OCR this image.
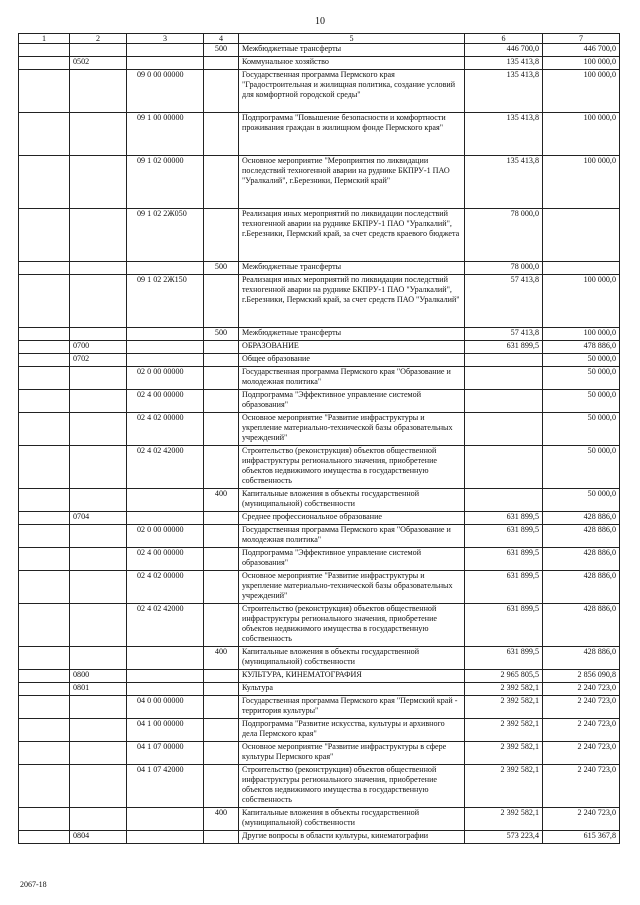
10
1	2	3	4	5	6	7
			500	Межбюджетные трансферты	446 700,0	446 700,0
	0502			Коммунальное хозяйство	135 413,8	100 000,0
		09 0 00 00000		Государственная программа Пермского края "Градостроительная и жилищная политика, создание условий для комфортной городской среды"	135 413,8	100 000,0
		09 1 00 00000		Подпрограмма "Повышение безопасности и комфортности проживания граждан в жилищном фонде Пермского края"	135 413,8	100 000,0
		09 1 02 00000		Основное мероприятие "Мероприятия по ликвидации последствий техногенной аварии на руднике БКПРУ-1 ПАО "Уралкалий", г.Березники, Пермский край"	135 413,8	100 000,0
		09 1 02 2Ж050		Реализация иных мероприятий по ликвидации последствий техногенной аварии на руднике БКПРУ-1 ПАО "Уралкалий", г.Березники, Пермский край, за счет средств краевого бюджета	78 000,0	
			500	Межбюджетные трансферты	78 000,0	
		09 1 02 2Ж150		Реализация иных мероприятий по ликвидации последствий техногенной аварии на руднике БКПРУ-1 ПАО "Уралкалий", г.Березники, Пермский край, за счет средств ПАО "Уралкалий"	57 413,8	100 000,0
			500	Межбюджетные трансферты	57 413,8	100 000,0
	0700			ОБРАЗОВАНИЕ	631 899,5	478 886,0
	0702			Общее образование		50 000,0
		02 0 00 00000		Государственная программа Пермского края "Образование и молодежная политика"		50 000,0
		02 4 00 00000		Подпрограмма "Эффективное управление системой образования"		50 000,0
		02 4 02 00000		Основное мероприятие "Развитие инфраструктуры и укрепление материально-технической базы образовательных учреждений"		50 000,0
		02 4 02 42000		Строительство (реконструкция) объектов общественной инфраструктуры регионального значения, приобретение объектов недвижимого имущества в государственную собственность		50 000,0
			400	Капитальные вложения в объекты государственной (муниципальной) собственности		50 000,0
	0704			Среднее профессиональное образование	631 899,5	428 886,0
		02 0 00 00000		Государственная программа Пермского края "Образование и молодежная политика"	631 899,5	428 886,0
		02 4 00 00000		Подпрограмма "Эффективное управление системой образования"	631 899,5	428 886,0
		02 4 02 00000		Основное мероприятие "Развитие инфраструктуры и укрепление материально-технической базы образовательных учреждений"	631 899,5	428 886,0
		02 4 02 42000		Строительство (реконструкция) объектов общественной инфраструктуры регионального значения, приобретение объектов недвижимого имущества в государственную собственность	631 899,5	428 886,0
			400	Капитальные вложения в объекты государственной (муниципальной) собственности	631 899,5	428 886,0
	0800			КУЛЬТУРА, КИНЕМАТОГРАФИЯ	2 965 805,5	2 856 090,8
	0801			Культура	2 392 582,1	2 240 723,0
		04 0 00 00000		Государственная программа Пермского края "Пермский край - территория культуры"	2 392 582,1	2 240 723,0
		04 1 00 00000		Подпрограмма "Развитие искусства, культуры и архивного дела Пермского края"	2 392 582,1	2 240 723,0
		04 1 07 00000		Основное мероприятие "Развитие инфраструктуры в сфере культуры Пермского края"	2 392 582,1	2 240 723,0
		04 1 07 42000		Строительство (реконструкция) объектов общественной инфраструктуры регионального значения, приобретение объектов недвижимого имущества в государственную собственность	2 392 582,1	2 240 723,0
			400	Капитальные вложения в объекты государственной (муниципальной) собственности	2 392 582,1	2 240 723,0
	0804			Другие вопросы в области культуры, кинематографии	573 223,4	615 367,8
2067-18
